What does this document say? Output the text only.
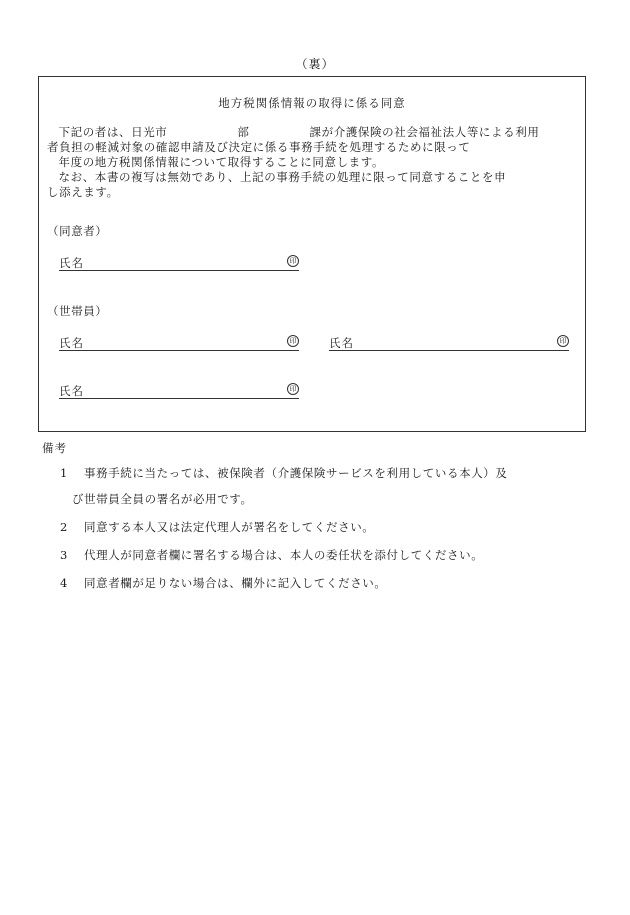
（裏）
地方税関係情報の取得に係る同意

下記の者は、日光市	部	課が介護保険の社会福祉法人等による利用

者負担の軽減対象の確認申請及び決定に係る事務手続を処理するために限って

年度の地方税関係情報について取得することに同意します。

なお、本書の複写は無効であり、上記の事務手続の処理に限って同意することを申

し添えます。

（同意者）
氏名	印
（世帯員）
氏名	印	氏名	印
氏名	印
備考
1 事務手続に当たっては、被保険者（介護保険サービスを利用している本人）及
び世帯員全員の署名が必用です。
2 同意する本人又は法定代理人が署名をしてください。
3 代理人が同意者欄に署名する場合は、本人の委任状を添付してください。
4 同意者欄が足りない場合は、欄外に記入してください。
